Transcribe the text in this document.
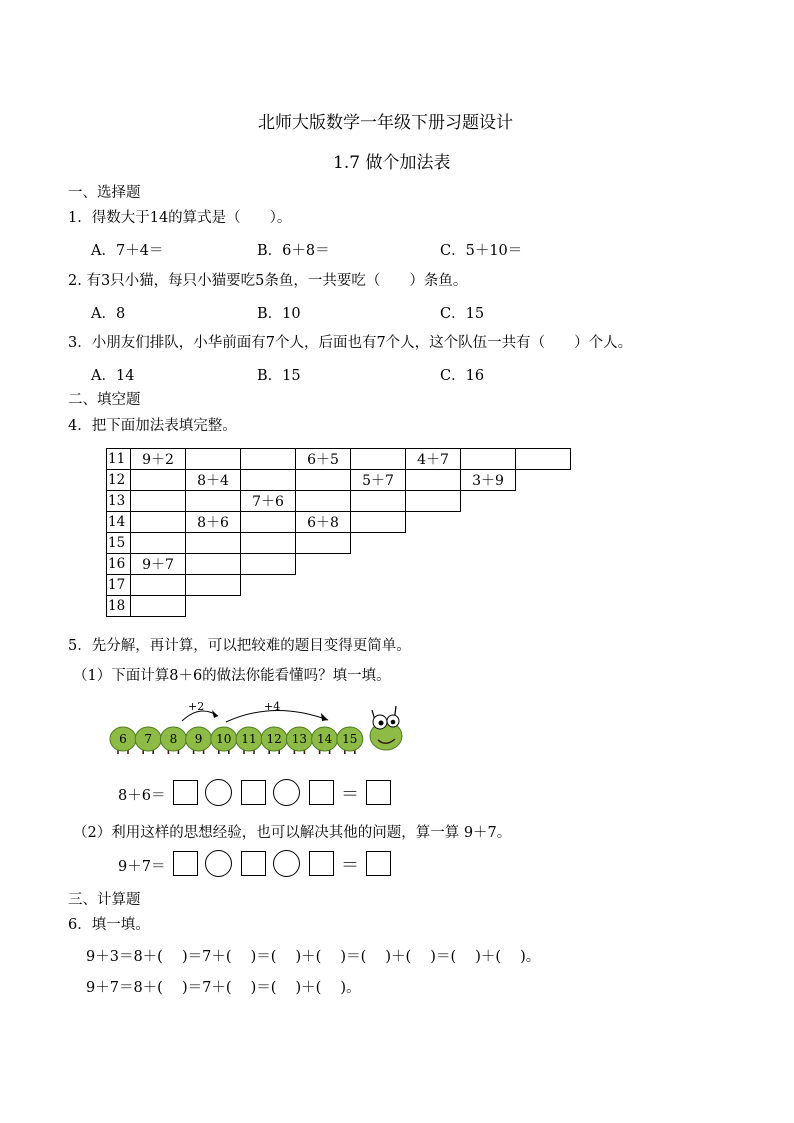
北师大版数学一年级下册习题设计
1.7 做个加法表
一、选择题
1．得数大于14的算式是（　　）。
A．7＋4＝	B．6＋8＝	C．5＋10＝
2. 有3只小猫，每只小猫要吃5条鱼，一共要吃（　　）条鱼。
A．8	B．10	C．15
3．小朋友们排队，小华前面有7个人，后面也有7个人，这个队伍一共有（　　）个人。
A．14	B．15	C．16
二、填空题
4．把下面加法表填完整。
11	9＋2			6＋5		4＋7		
12		8＋4			5＋7		3＋9	
13			7＋6					
14		8＋6		6＋8				
15								
16	9＋7							
17								
18								
5．先分解，再计算，可以把较难的题目变得更简单。
（1）下面计算8＋6的做法你能看懂吗？填一填。
+2	+4
6 7 8 9 10 11 12 13 14 15
8＋6＝	＝
（2）利用这样的思想经验，也可以解决其他的问题，算一算 9＋7。
9＋7＝	＝
三、计算题
6．填一填。
9＋3＝8＋(　 )＝7＋(　 )＝(　 )＋(　 )＝(　 )＋(　 )＝(　 )＋(　 )。
9＋7＝8＋(　 )＝7＋(　 )＝(　 )＋(　 )。
